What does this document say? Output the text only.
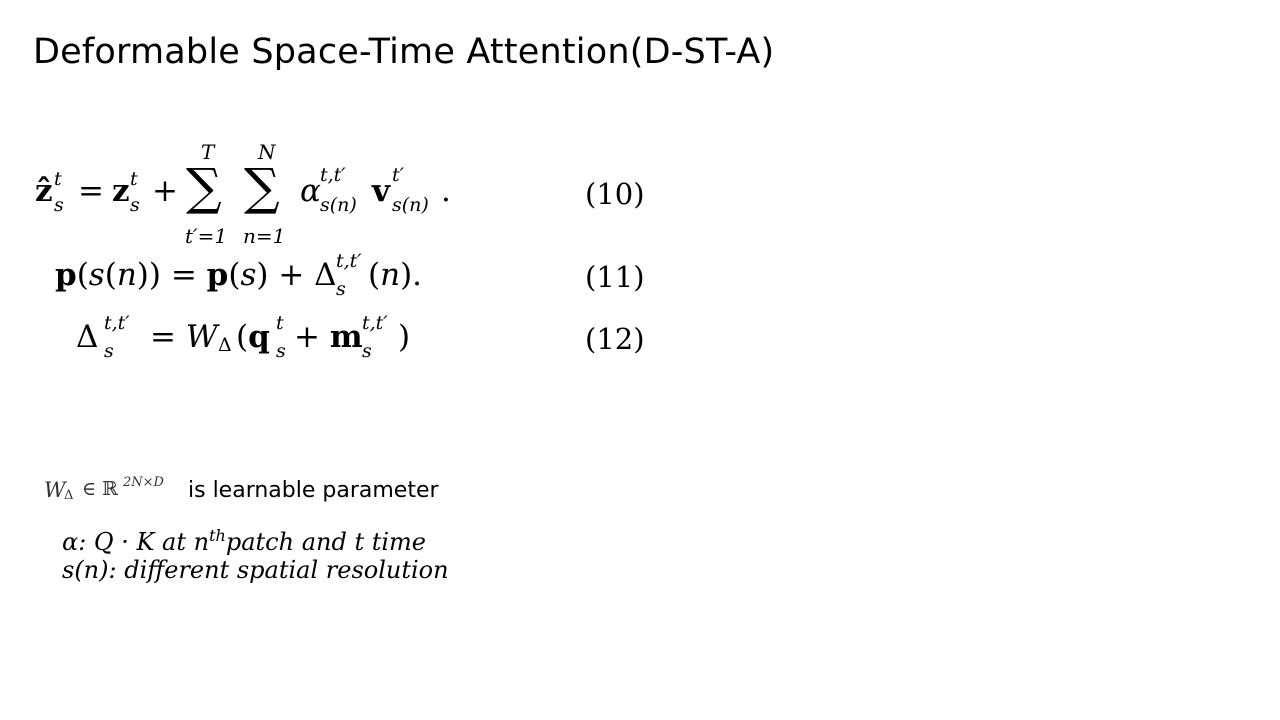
Deformable Space-Time Attention(D-ST-A)
ẑ t
s = z t
s +
T
∑
t′=1
N
∑
n=1
α t,t′
s(n) v t′
s(n) .	(10)
p(s(n)) = p(s) + Δ t,t′
s (n).	(11)
Δ t,t′
s = W Δ (q t
s + m t,t′
s )	(12)
W
Δ ∈ ℝ 2N×D is learnable parameter
α: Q · K at $n^{th}patch$ and t time
s(n): different spatial resolution
